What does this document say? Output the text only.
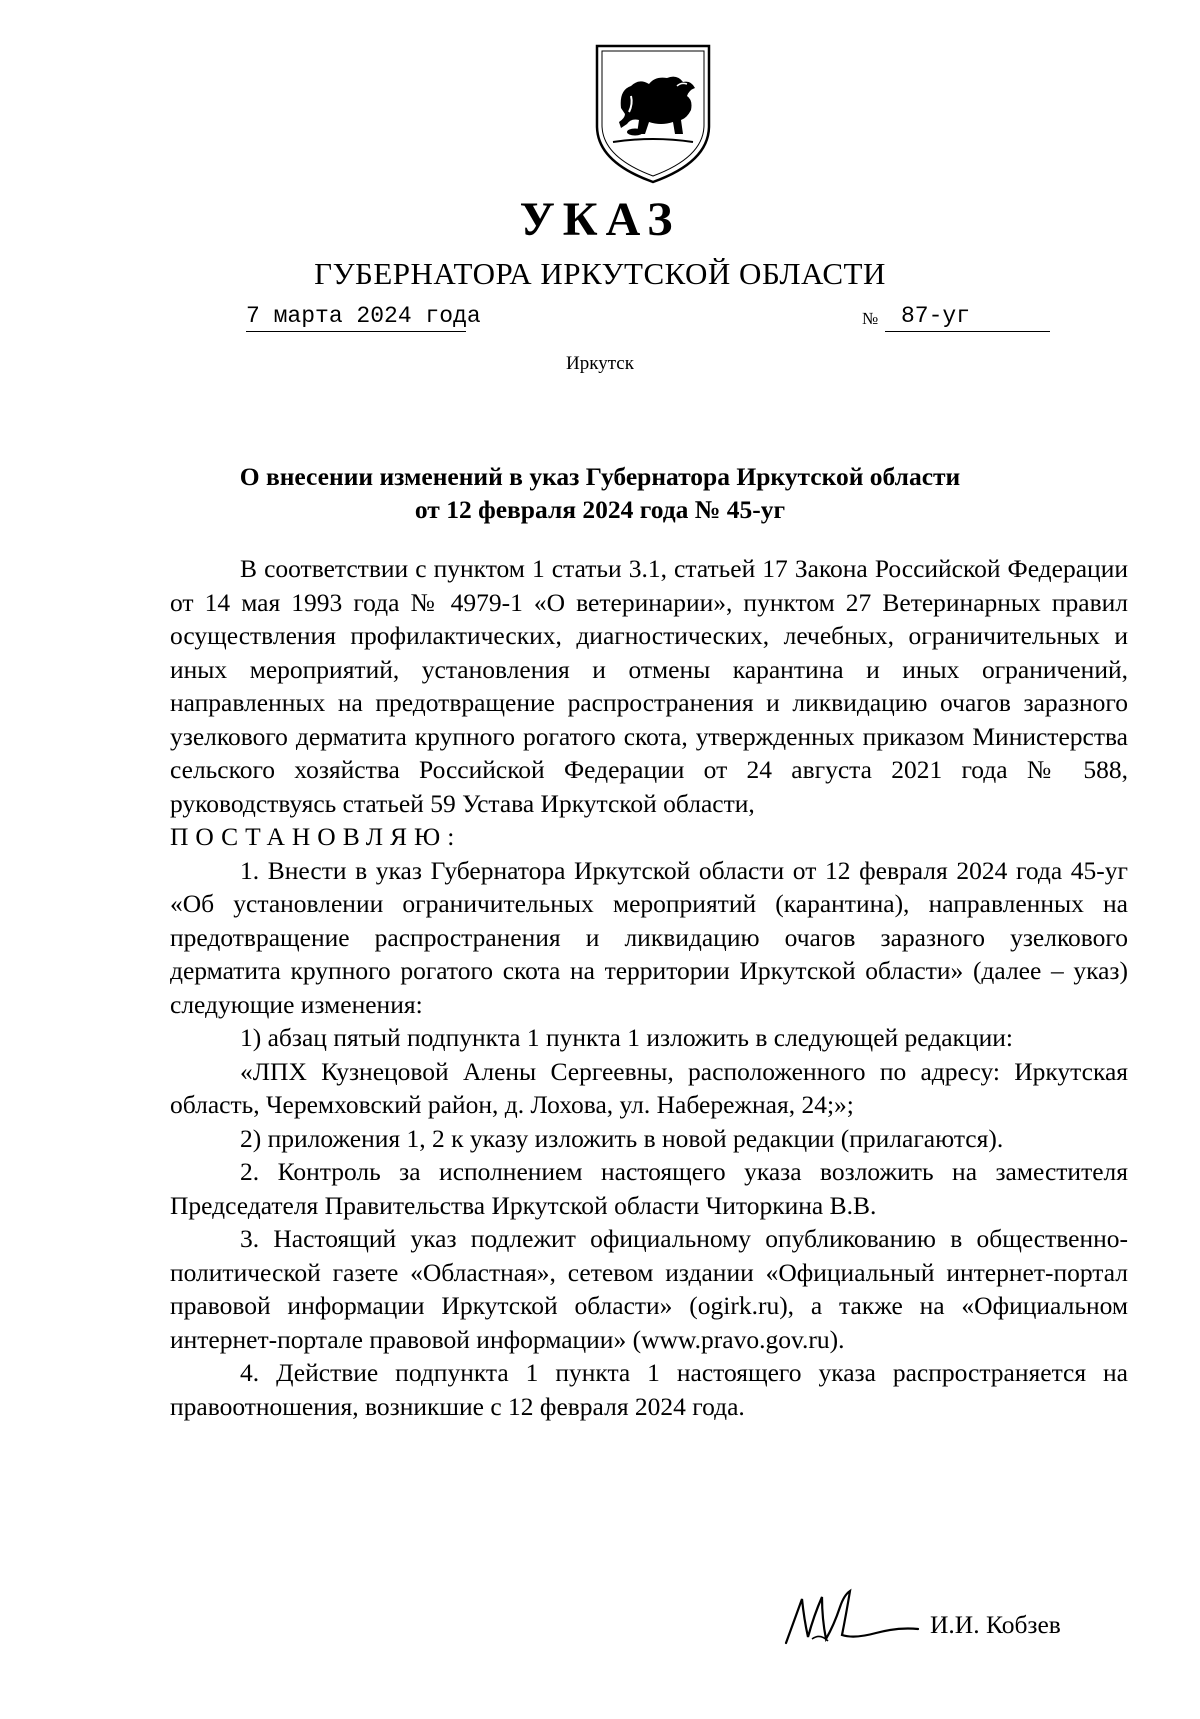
УКАЗ
ГУБЕРНАТОРА ИРКУТСКОЙ ОБЛАСТИ
7 марта 2024 года	№ 87-уг
Иркутск
О внесении изменений в указ Губернатора Иркутской области
от 12 февраля 2024 года № 45-уг

В соответствии с пунктом 1 статьи 3.1, статьей 17 Закона Российской Федерации от 14 мая 1993 года № 4979-1 «О ветеринарии», пунктом 27 Ветеринарных правил осуществления профилактических, диагностических, лечебных, ограничительных и иных мероприятий, установления и отмены карантина и иных ограничений, направленных на предотвращение распространения и ликвидацию очагов заразного узелкового дерматита крупного рогатого скота, утвержденных приказом Министерства сельского хозяйства Российской Федерации от 24 августа 2021 года № 588, руководствуясь статьей 59 Устава Иркутской области,

ПОСТАНОВЛЯЮ:

1. Внести в указ Губернатора Иркутской области от 12 февраля 2024 года 45-уг «Об установлении ограничительных мероприятий (карантина), направленных на предотвращение распространения и ликвидацию очагов заразного узелкового дерматита крупного рогатого скота на территории Иркутской области» (далее – указ) следующие изменения:

1) абзац пятый подпункта 1 пункта 1 изложить в следующей редакции:

«ЛПХ Кузнецовой Алены Сергеевны, расположенного по адресу: Иркутская область, Черемховский район, д. Лохова, ул. Набережная, 24;»;

2) приложения 1, 2 к указу изложить в новой редакции (прилагаются).

2. Контроль за исполнением настоящего указа возложить на заместителя Председателя Правительства Иркутской области Читоркина В.В.

3. Настоящий указ подлежит официальному опубликованию в общественно-политической газете «Областная», сетевом издании «Официальный интернет-портал правовой информации Иркутской области» (ogirk.ru), а также на «Официальном интернет-портале правовой информации» (www.pravo.gov.ru).

4. Действие подпункта 1 пункта 1 настоящего указа распространяется на правоотношения, возникшие с 12 февраля 2024 года.

И.И. Кобзев
